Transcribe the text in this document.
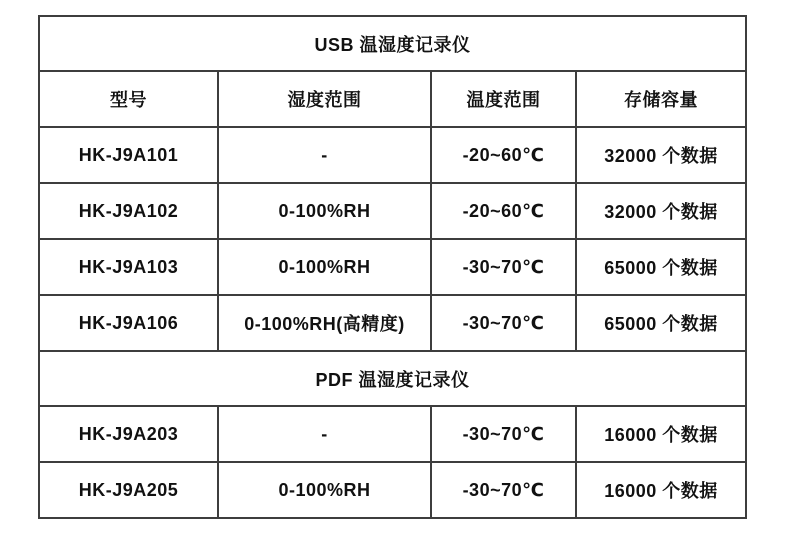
USB 温湿度记录仪			
型号	湿度范围	温度范围	存储容量
HK-J9A101	-	-20~60℃	32000 个数据
HK-J9A102	0-100%RH	-20~60℃	32000 个数据
HK-J9A103	0-100%RH	-30~70℃	65000 个数据
HK-J9A106	0-100%RH(高精度)	-30~70℃	65000 个数据
PDF 温湿度记录仪			
HK-J9A203	-	-30~70℃	16000 个数据
HK-J9A205	0-100%RH	-30~70℃	16000 个数据
